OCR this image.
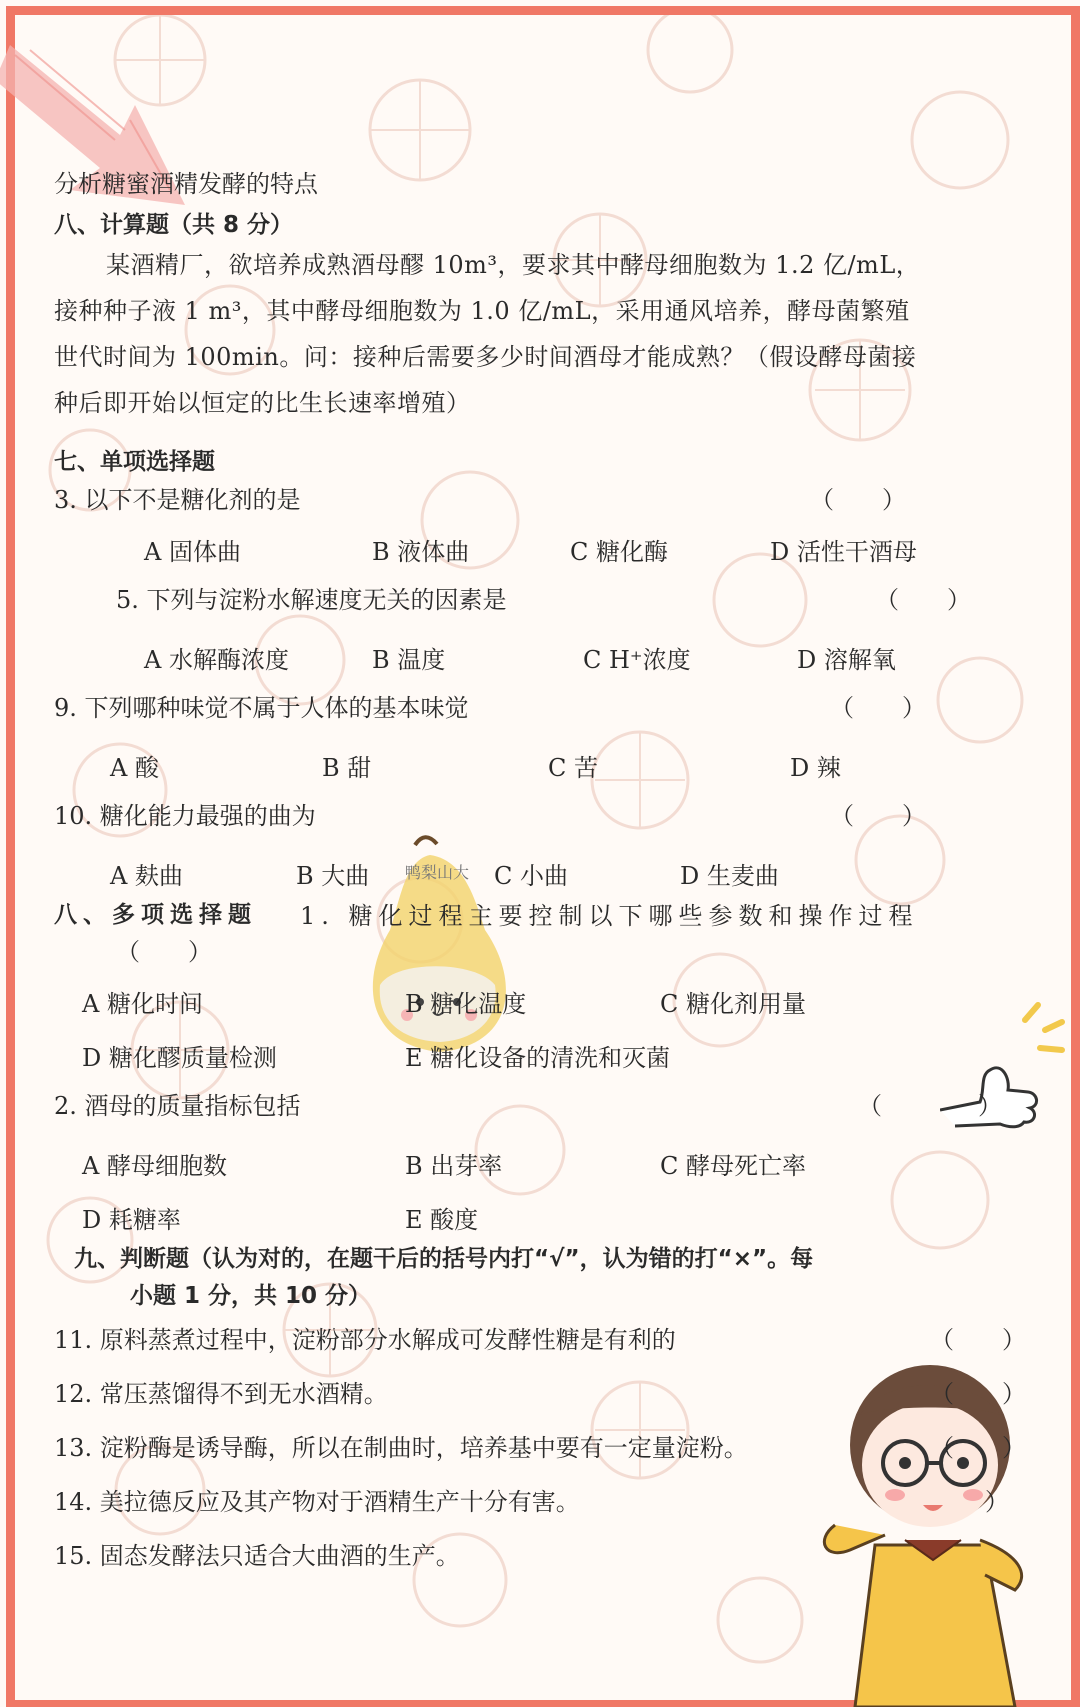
鸭梨山大
分析糖蜜酒精发酵的特点
八、计算题（共 8 分）
某酒精厂，欲培养成熟酒母醪 10m³，要求其中酵母细胞数为 1.2 亿/mL，
接种种子液 1 m³，其中酵母细胞数为 1.0 亿/mL，采用通风培养，酵母菌繁殖
世代时间为 100min。问：接种后需要多少时间酒母才能成熟？（假设酵母菌接
种后即开始以恒定的比生长速率增殖）
七、单项选择题
3. 以下不是糖化剂的是	（　　）
A 固体曲	B 液体曲	C 糖化酶	D 活性干酒母
5. 下列与淀粉水解速度无关的因素是	（　　）
A 水解酶浓度	B 温度	C H⁺浓度	D 溶解氧
9. 下列哪种味觉不属于人体的基本味觉	（　　）
A 酸	B 甜	C 苦	D 辣
10. 糖化能力最强的曲为	（　　）
A 麸曲	B 大曲	C 小曲	D 生麦曲
八、多项选择题 1. 糖化过程主要控制以下哪些参数和操作过程
（　　）
A 糖化时间	B 糖化温度	C 糖化剂用量
D 糖化醪质量检测	E 糖化设备的清洗和灭菌
2. 酒母的质量指标包括	（　　　　）
A 酵母细胞数	B 出芽率	C 酵母死亡率
D 耗糖率	E 酸度
九、判断题（认为对的，在题干后的括号内打“√”，认为错的打“×”。每
小题 1 分，共 10 分）
11. 原料蒸煮过程中，淀粉部分水解成可发酵性糖是有利的	（　　）
12. 常压蒸馏得不到无水酒精。	（　　）
13. 淀粉酶是诱导酶，所以在制曲时，培养基中要有一定量淀粉。	（　　）
14. 美拉德反应及其产物对于酒精生产十分有害。	）
15. 固态发酵法只适合大曲酒的生产。
